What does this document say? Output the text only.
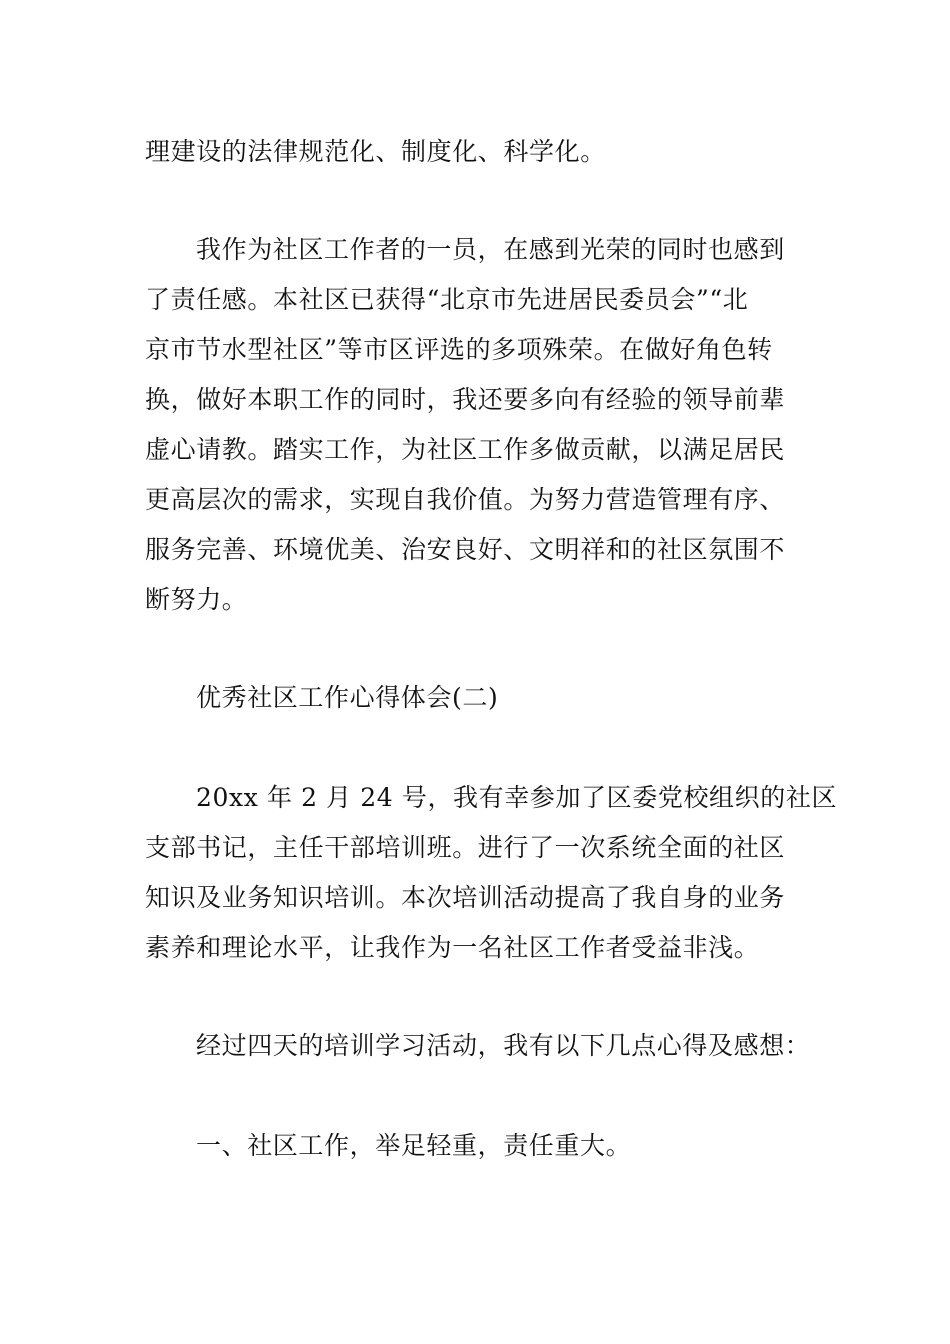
理建设的法律规范化、制度化、科学化。
我作为社区工作者的一员，在感到光荣的同时也感到
了责任感。本社区已获得“北京市先进居民委员会”“北
京市节水型社区”等市区评选的多项殊荣。在做好角色转
换，做好本职工作的同时，我还要多向有经验的领导前辈
虚心请教。踏实工作，为社区工作多做贡献，以满足居民
更高层次的需求，实现自我价值。为努力营造管理有序、
服务完善、环境优美、治安良好、文明祥和的社区氛围不
断努力。
优秀社区工作心得体会(二)
20xx 年 2 月 24 号，我有幸参加了区委党校组织的社区
支部书记，主任干部培训班。进行了一次系统全面的社区
知识及业务知识培训。本次培训活动提高了我自身的业务
素养和理论水平，让我作为一名社区工作者受益非浅。
经过四天的培训学习活动，我有以下几点心得及感想：
一、社区工作，举足轻重，责任重大。
